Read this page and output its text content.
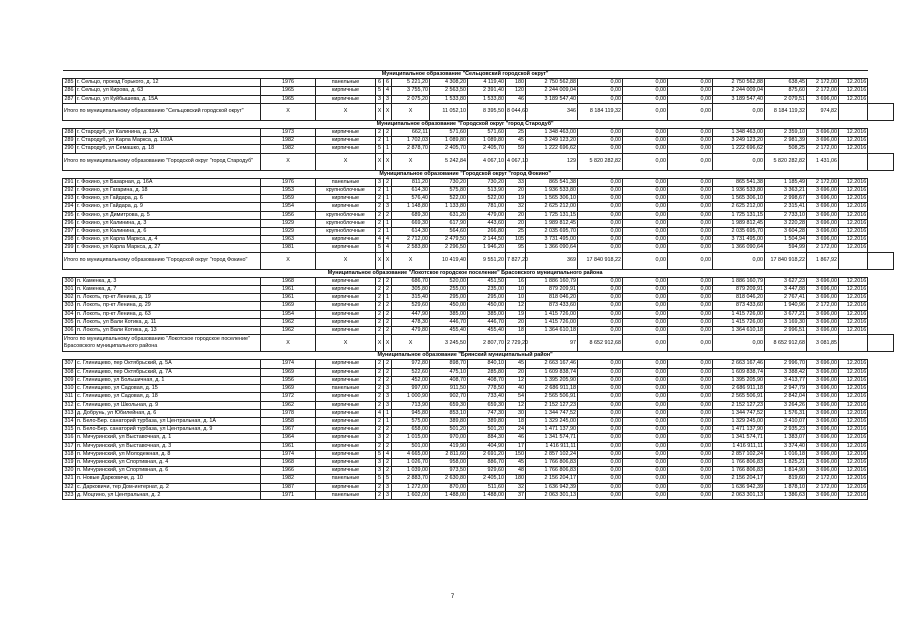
Муниципальное образование "Сельцовский городской округ"																		
285	г. Сельцо, проезд Горького, д. 12	1976	панельные	6	6	5 221,20	4 308,20	4 119,40	180	2 750 562,88	0,00	0,00	0,00	2 750 562,88	638,45	2 172,00	12.2016	
286	г. Сельцо, ул Кирова, д. 63	1965	кирпичные	5	4	3 755,70	2 563,50	2 391,40	120	2 244 009,04	0,00	0,00	0,00	2 244 009,04	875,60	2 172,00	12.2016	
287	г. Сельцо, ул Куйбышева, д. 15А	1965	кирпичные	3	3	2 075,20	1 533,80	1 533,80	46	3 189 547,40	0,00	0,00	0,00	3 189 547,40	2 079,51	3 696,00	12.2016	
Итого по муниципальному образованию "Сельцовский городской округ"		X	X	X	X	X	11 052,10	8 395,50	8 044,60	346	8 184 119,32	0,00	0,00	0,00	8 184 119,32	974,82		
Муниципальное образование "Городской округ "город Стародуб"																		
288	г. Стародуб, ул Калинина, д. 12А	1973	кирпичные	2	2	662,11	571,60	571,60	25	1 348 463,00	0,00	0,00	0,00	1 348 463,00	2 359,10	3 696,00	12.2016	
289	г. Стародуб, ул Карла Маркса, д. 100А	1982	кирпичные	2	1	1 702,03	1 089,80	1 089,80	45	3 249 123,20	0,00	0,00	0,00	3 249 123,20	2 981,39	3 696,00	12.2016	
290	г. Стародуб, ул Семашко, д. 18	1982	кирпичные	5	1	2 878,70	2 405,70	2 405,70	59	1 222 696,62	0,00	0,00	0,00	1 222 696,62	508,25	2 172,00	12.2016	
Итого по муниципальному образованию "Городской округ "город Стародуб"		X	X	X	X	X	5 242,84	4 067,10	4 067,10	129	5 820 282,82	0,00	0,00	0,00	5 820 282,82	1 431,06		
Муниципальное образование "Городской округ "город Фокино"																		
291	г. Фокино, ул Базарная, д. 16А	1976	панельные	3	2	811,20	730,20	730,20	33	865 541,38	0,00	0,00	0,00	865 541,38	1 185,49	2 172,00	12.2016	
292	г. Фокино, ул Гагарина, д. 18	1953	крупноблочные	2	1	614,30	575,80	513,90	20	1 936 533,80	0,00	0,00	0,00	1 936 533,80	3 363,21	3 696,00	12.2016	
293	г. Фокино, ул Гайдара, д. 6	1959	кирпичные	2	1	576,40	522,00	522,00	19	1 565 306,10	0,00	0,00	0,00	1 565 306,10	2 998,67	3 696,00	12.2016	
294	г. Фокино, ул Гайдара, д. 9	1954	кирпичные	2	3	1 148,80	1 133,80	781,00	32	2 625 212,00	0,00	0,00	0,00	2 625 212,00	2 315,41	3 696,00	12.2016	
295	г. Фокино, ул Димитрова, д. 5	1956	крупноблочные	2	2	689,30	631,20	479,00	20	1 725 131,15	0,00	0,00	0,00	1 725 131,15	2 733,10	3 696,00	12.2016	
296	г. Фокино, ул Калинина, д. 3	1929	крупноблочные	2	1	669,30	617,90	443,60	20	1 989 812,45	0,00	0,00	0,00	1 989 812,45	3 220,28	3 696,00	12.2016	
297	г. Фокино, ул Калинина, д. 6	1929	крупноблочные	2	1	614,30	564,60	266,80	25	2 035 695,70	0,00	0,00	0,00	2 035 695,70	3 604,28	3 696,00	12.2016	
298	г. Фокино, ул Карла Маркса, д. 4	1963	кирпичные	4	4	2 712,00	2 479,50	2 144,50	105	3 731 495,00	0,00	0,00	0,00	3 731 495,00	1 504,94	3 696,00	12.2016	
299	г. Фокино, ул Карла Маркса, д. 27	1981	кирпичные	5	4	2 583,80	2 296,50	1 946,20	95	1 366 090,64	0,00	0,00	0,00	1 366 090,64	594,99	2 172,00	12.2016	
Итого по муниципальному образованию "Городской округ "город Фокино"		X	X	X	X	X	10 419,40	9 551,20	7 827,20	369	17 840 918,22	0,00	0,00	0,00	17 840 918,22	1 867,92		
Муниципальное образование "Локотское городское поселение" Брасовского муниципального района																		
300	п. Каменка, д. 3	1968	кирпичные	2	2	686,70	520,00	451,50	16	1 886 160,79	0,00	0,00	0,00	1 886 160,79	3 627,23	3 696,00	12.2016	
301	п. Каменка, д. 7	1961	кирпичные	2	2	305,80	255,00	235,00	10	879 209,91	0,00	0,00	0,00	879 209,91	3 447,88	3 696,00	12.2016	
302	п. Локоть, пр-кт Ленина, д. 19	1961	кирпичные	2	1	315,40	295,00	295,00	10	818 046,20	0,00	0,00	0,00	818 046,20	2 767,41	3 696,00	12.2016	
303	п. Локоть, пр-кт Ленина, д. 29	1969	кирпичные	2	2	529,60	450,00	450,00	12	873 433,60	0,00	0,00	0,00	873 433,60	1 940,96	2 172,00	12.2016	
304	п. Локоть, пр-кт Ленина, д. 63	1954	кирпичные	2	2	447,90	385,00	385,00	19	1 415 726,00	0,00	0,00	0,00	1 415 726,00	3 677,21	3 696,00	12.2016	
305	п. Локоть, ул Вали Котика, д. 11	1962	кирпичные	2	2	478,30	446,70	446,70	20	1 415 726,00	0,00	0,00	0,00	1 415 726,00	3 169,30	3 696,00	12.2016	
306	п. Локоть, ул Вали Котика, д. 13	1962	кирпичные	2	2	479,80	455,40	455,40	18	1 364 610,18	0,00	0,00	0,00	1 364 610,18	2 996,51	3 696,00	12.2016	
Итого по муниципальному образованию "Локотское городское поселение" Брасовского муниципального района		X	X	X	X	X	3 245,50	2 807,70	2 729,20	97	8 652 912,68	0,00	0,00	0,00	8 652 912,68	3 081,85		
Муниципальное образование "Брянский муниципальный район"																		
307	с. Глинищево, пер Октябрьский, д. 5А	1974	кирпичные	2	2	972,80	898,70	840,10	45	2 663 167,46	0,00	0,00	0,00	2 663 167,46	2 996,70	3 696,00	12.2016	
308	с. Глинищево, пер Октябрьский, д. 7А	1969	кирпичные	2	2	522,60	475,10	285,80	20	1 609 838,74	0,00	0,00	0,00	1 609 838,74	3 388,42	3 696,00	12.2016	
309	с. Глинищево, ул Большичная, д. 1	1956	кирпичные	2	2	452,00	408,70	408,70	12	1 395 205,90	0,00	0,00	0,00	1 395 205,90	3 413,77	3 696,00	12.2016	
310	с. Глинищево, ул Садовая, д. 15	1969	панельные	2	3	997,00	911,50	778,50	40	2 686 911,18	0,00	0,00	0,00	2 686 911,18	2 947,79	3 696,00	12.2016	
311	с. Глинищево, ул Садовая, д. 18	1972	кирпичные	2	3	1 000,90	902,70	733,40	54	2 565 506,91	0,00	0,00	0,00	2 565 506,91	2 842,04	3 696,00	12.2016	
312	с. Глинищево, ул Школьная, д. 9	1962	кирпичные	2	3	713,90	659,30	659,30	12	2 152 127,23	0,00	0,00	0,00	2 152 127,23	3 264,26	3 696,00	12.2016	
313	д. Добрунь, ул Юбилейная, д. 6	1978	кирпичные	4	1	945,80	853,10	747,30	30	1 344 747,52	0,00	0,00	0,00	1 344 747,52	1 576,31	3 696,00	12.2016	
314	п. Бело-Бер. санаторий турбаза, ул Центральная, д. 1А	1958	кирпичные	2	1	575,00	389,80	389,80	18	1 329 245,00	0,00	0,00	0,00	1 329 245,00	3 410,07	3 696,00	12.2016	
315	п. Бело-Бер. санаторий турбаза, ул Центральная, д. 9	1967	кирпичные	2	2	658,00	501,20	501,20	24	1 471 137,90	0,00	0,00	0,00	1 471 137,90	2 935,23	3 696,00	12.2016	
316	п. Мичуринский, ул Выставочная, д. 1	1964	кирпичные	3	2	1 015,00	970,00	884,30	46	1 341 574,71	0,00	0,00	0,00	1 341 574,71	1 383,07	3 696,00	12.2016	
317	п. Мичуринский, ул Выставочная, д. 3	1961	кирпичные	2	2	501,00	419,90	404,90	17	1 416 911,11	0,00	0,00	0,00	1 416 911,11	3 374,40	3 696,00	12.2016	
318	п. Мичуринский, ул Молодежная, д. 8	1974	кирпичные	5	4	4 665,00	2 811,60	2 691,20	150	2 857 102,24	0,00	0,00	0,00	2 857 102,24	1 016,18	3 696,00	12.2016	
319	п. Мичуринский, ул Спортивная, д. 4	1968	кирпичные	3	2	1 026,70	958,00	886,70	45	1 766 806,83	0,00	0,00	0,00	1 766 806,83	1 825,21	3 696,00	12.2016	
320	п. Мичуринский, ул Спортивная, д. 6	1966	кирпичные	3	2	1 039,00	973,50	929,60	48	1 766 806,83	0,00	0,00	0,00	1 766 806,83	1 814,90	3 696,00	12.2016	
321	п. Новые Дарковичи, д. 10	1982	панельные	5	5	2 883,70	2 630,80	2 405,10	180	2 156 204,17	0,00	0,00	0,00	2 156 204,17	819,60	2 172,00	12.2016	
322	с. Дарковичи, тер Дом-интернат, д. 2	1987	кирпичные	2	3	1 272,00	870,00	511,60	32	1 636 942,39	0,00	0,00	0,00	1 636 942,39	1 878,10	2 172,00	12.2016	
323	д. Моцгино, ул Центральная, д. 2	1971	панельные	2	3	1 602,00	1 488,00	1 488,00	37	2 063 301,13	0,00	0,00	0,00	2 063 301,13	1 386,63	3 696,00	12.2016	
7
